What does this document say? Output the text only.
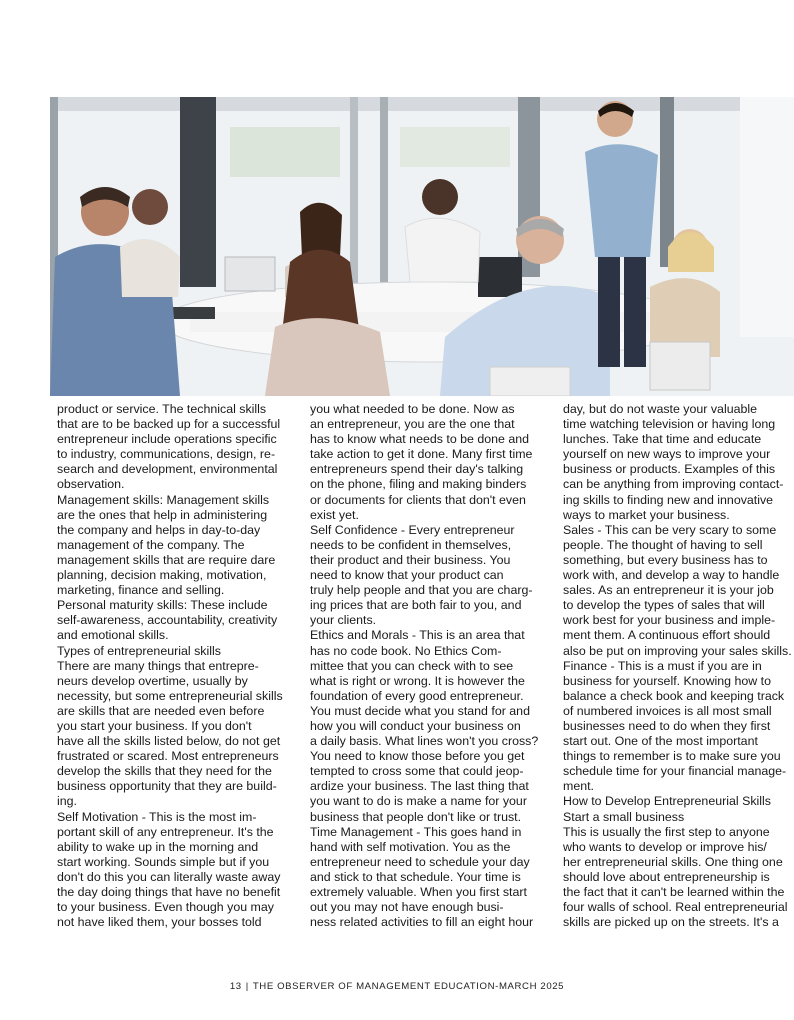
product or service. The technical skills

that are to be backed up for a successful

entrepreneur include operations specific

to industry, communications, design, re-

search and development, environmental

observation.

Management skills: Management skills

are the ones that help in administering

the company and helps in day-to-day

management of the company. The

management skills that are require dare

planning, decision making, motivation,

marketing, finance and selling.

Personal maturity skills: These include

self-awareness, accountability, creativity

and emotional skills.

Types of entrepreneurial skills

There are many things that entrepre-

neurs develop overtime, usually by

necessity, but some entrepreneurial skills

are skills that are needed even before

you start your business. If you don't

have all the skills listed below, do not get

frustrated or scared. Most entrepreneurs

develop the skills that they need for the

business opportunity that they are build-

ing.

Self Motivation - This is the most im-

portant skill of any entrepreneur. It's the

ability to wake up in the morning and

start working. Sounds simple but if you

don't do this you can literally waste away

the day doing things that have no benefit

to your business. Even though you may

not have liked them, your bosses told

you what needed to be done. Now as

an entrepreneur, you are the one that

has to know what needs to be done and

take action to get it done. Many first time

entrepreneurs spend their day's talking

on the phone, filing and making binders

or documents for clients that don't even

exist yet.

Self Confidence - Every entrepreneur

needs to be confident in themselves,

their product and their business. You

need to know that your product can

truly help people and that you are charg-

ing prices that are both fair to you, and

your clients.

Ethics and Morals - This is an area that

has no code book. No Ethics Com-

mittee that you can check with to see

what is right or wrong. It is however the

foundation of every good entrepreneur.

You must decide what you stand for and

how you will conduct your business on

a daily basis. What lines won't you cross?

You need to know those before you get

tempted to cross some that could jeop-

ardize your business. The last thing that

you want to do is make a name for your

business that people don't like or trust.

Time Management - This goes hand in

hand with self motivation. You as the

entrepreneur need to schedule your day

and stick to that schedule. Your time is

extremely valuable. When you first start

out you may not have enough busi-

ness related activities to fill an eight hour

day, but do not waste your valuable

time watching television or having long

lunches. Take that time and educate

yourself on new ways to improve your

business or products. Examples of this

can be anything from improving contact-

ing skills to finding new and innovative

ways to market your business.

Sales - This can be very scary to some

people. The thought of having to sell

something, but every business has to

work with, and develop a way to handle

sales. As an entrepreneur it is your job

to develop the types of sales that will

work best for your business and imple-

ment them. A continuous effort should

also be put on improving your sales skills.

Finance - This is a must if you are in

business for yourself. Knowing how to

balance a check book and keeping track

of numbered invoices is all most small

businesses need to do when they first

start out. One of the most important

things to remember is to make sure you

schedule time for your financial manage-

ment.

How to Develop Entrepreneurial Skills

Start a small business

This is usually the first step to anyone

who wants to develop or improve his/

her entrepreneurial skills. One thing one

should love about entrepreneurship is

the fact that it can't be learned within the

four walls of school. Real entrepreneurial

skills are picked up on the streets. It's a

13 | THE OBSERVER OF MANAGEMENT EDUCATION-MARCH 2025
